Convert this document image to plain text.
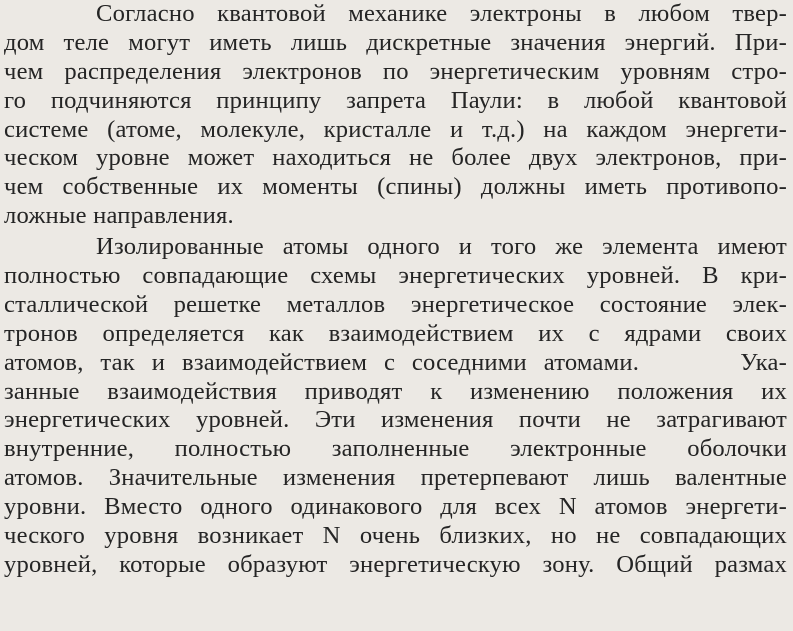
Согласно квантовой механике электроны в любом твер-
дом теле могут иметь лишь дискретные значения энергий. При-
чем распределения электронов по энергетическим уровням стро-
го подчиняются принципу запрета Паули: в любой квантовой
системе (атоме, молекуле, кристалле и т.д.) на каждом энергети-
ческом уровне может находиться не более двух электронов, при-
чем собственные их моменты (спины) должны иметь противопо-
ложные направления.
Изолированные атомы одного и того же элемента имеют
полностью совпадающие схемы энергетических уровней. В кри-
сталлической решетке металлов энергетическое состояние элек-
тронов определяется как взаимодействием их с ядрами своих
атомов, так и взаимодействием с соседними атомами.      Ука-
занные взаимодействия приводят к изменению положения их
энергетических уровней. Эти изменения почти не затрагивают
внутренние, полностью заполненные электронные оболочки
атомов. Значительные изменения претерпевают лишь валентные
уровни. Вместо одного одинакового для всех N атомов энергети-
ческого уровня возникает N очень близких, но не совпадающих
уровней, которые образуют энергетическую зону. Общий размах
